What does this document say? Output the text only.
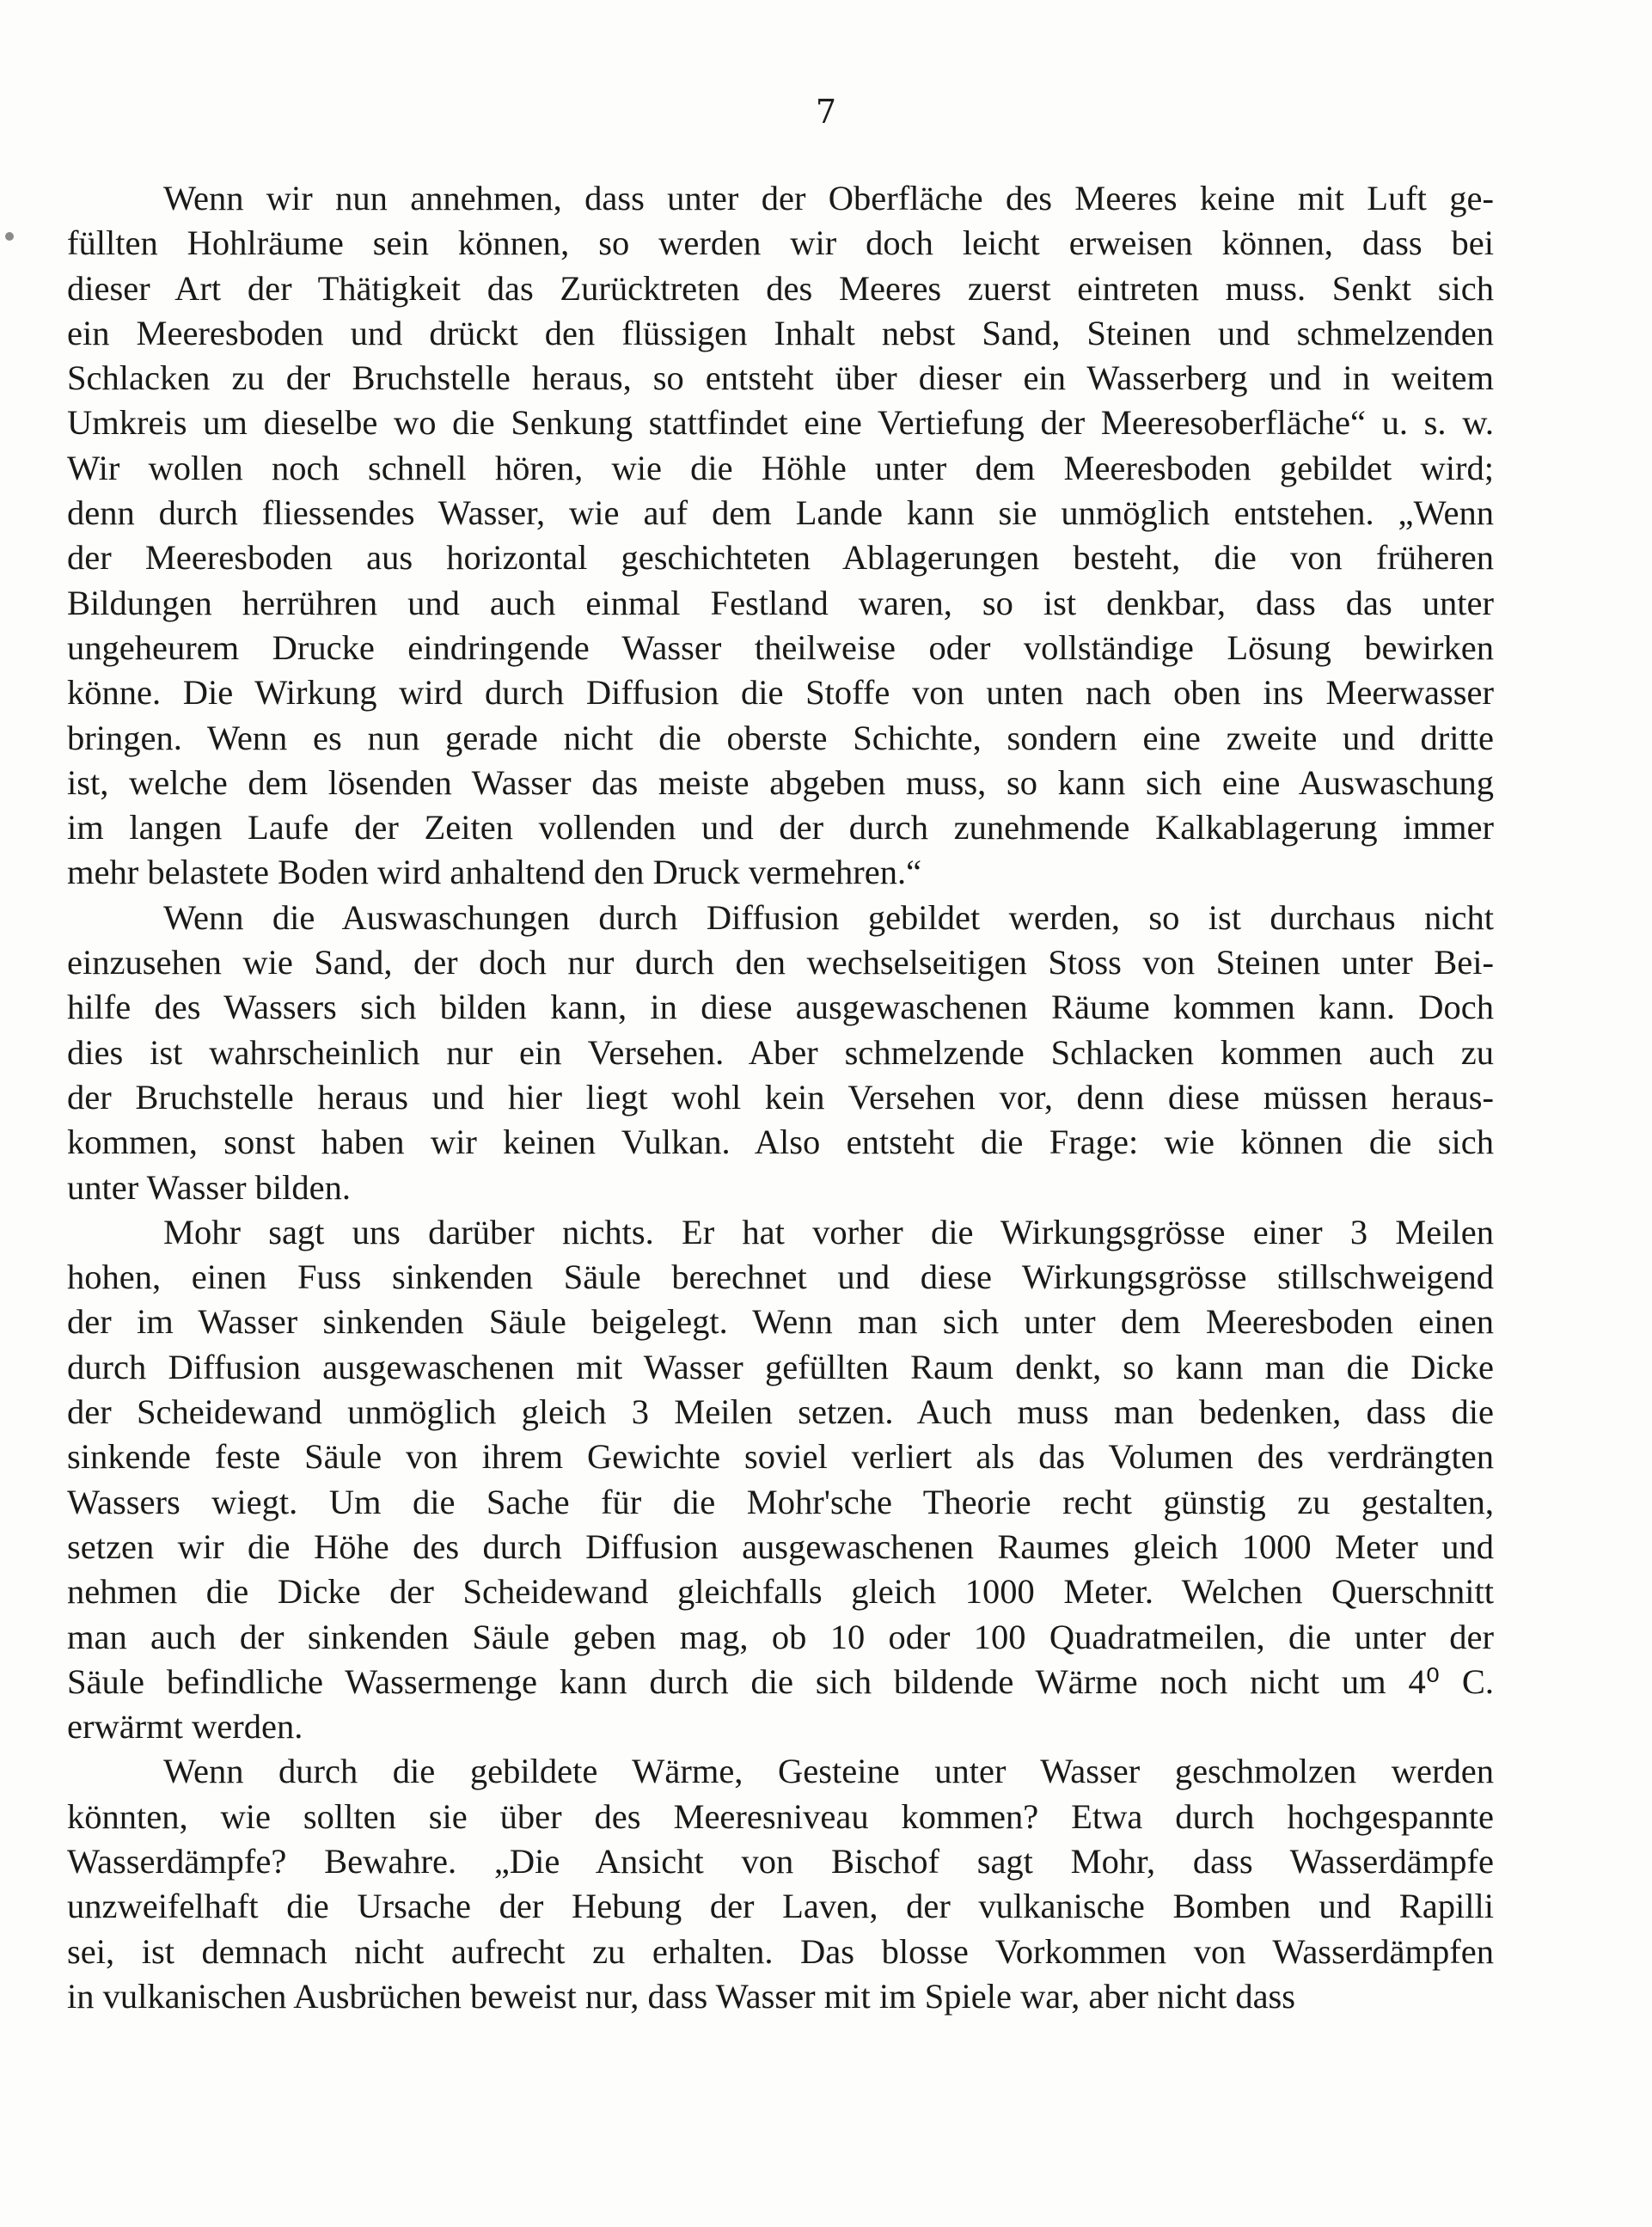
7
Wenn wir nun annehmen, dass unter der Oberfläche des Meeres keine mit Luft ge-
füllten Hohlräume sein können, so werden wir doch leicht erweisen können, dass bei
dieser Art der Thätigkeit das Zurücktreten des Meeres zuerst eintreten muss. Senkt sich
ein Meeresboden und drückt den flüssigen Inhalt nebst Sand, Steinen und schmelzenden
Schlacken zu der Bruchstelle heraus, so entsteht über dieser ein Wasserberg und in weitem
Umkreis um dieselbe wo die Senkung stattfindet eine Vertiefung der Meeresoberfläche“ u. s. w.
Wir wollen noch schnell hören, wie die Höhle unter dem Meeresboden gebildet wird;
denn durch fliessendes Wasser, wie auf dem Lande kann sie unmöglich entstehen. „Wenn
der Meeresboden aus horizontal geschichteten Ablagerungen besteht, die von früheren
Bildungen herrühren und auch einmal Festland waren, so ist denkbar, dass das unter
ungeheurem Drucke eindringende Wasser theilweise oder vollständige Lösung bewirken
könne. Die Wirkung wird durch Diffusion die Stoffe von unten nach oben ins Meerwasser
bringen. Wenn es nun gerade nicht die oberste Schichte, sondern eine zweite und dritte
ist, welche dem lösenden Wasser das meiste abgeben muss, so kann sich eine Auswaschung
im langen Laufe der Zeiten vollenden und der durch zunehmende Kalkablagerung immer
mehr belastete Boden wird anhaltend den Druck vermehren.“
Wenn die Auswaschungen durch Diffusion gebildet werden, so ist durchaus nicht
einzusehen wie Sand, der doch nur durch den wechselseitigen Stoss von Steinen unter Bei-
hilfe des Wassers sich bilden kann, in diese ausgewaschenen Räume kommen kann. Doch
dies ist wahrscheinlich nur ein Versehen. Aber schmelzende Schlacken kommen auch zu
der Bruchstelle heraus und hier liegt wohl kein Versehen vor, denn diese müssen heraus-
kommen, sonst haben wir keinen Vulkan. Also entsteht die Frage: wie können die sich
unter Wasser bilden.
Mohr sagt uns darüber nichts. Er hat vorher die Wirkungsgrösse einer 3 Meilen
hohen, einen Fuss sinkenden Säule berechnet und diese Wirkungsgrösse stillschweigend
der im Wasser sinkenden Säule beigelegt. Wenn man sich unter dem Meeresboden einen
durch Diffusion ausgewaschenen mit Wasser gefüllten Raum denkt, so kann man die Dicke
der Scheidewand unmöglich gleich 3 Meilen setzen. Auch muss man bedenken, dass die
sinkende feste Säule von ihrem Gewichte soviel verliert als das Volumen des verdrängten
Wassers wiegt. Um die Sache für die Mohr'sche Theorie recht günstig zu gestalten,
setzen wir die Höhe des durch Diffusion ausgewaschenen Raumes gleich 1000 Meter und
nehmen die Dicke der Scheidewand gleichfalls gleich 1000 Meter. Welchen Querschnitt
man auch der sinkenden Säule geben mag, ob 10 oder 100 Quadratmeilen, die unter der
Säule befindliche Wassermenge kann durch die sich bildende Wärme noch nicht um 4⁰ C.
erwärmt werden.
Wenn durch die gebildete Wärme, Gesteine unter Wasser geschmolzen werden
könnten, wie sollten sie über des Meeresniveau kommen? Etwa durch hochgespannte
Wasserdämpfe? Bewahre. „Die Ansicht von Bischof sagt Mohr, dass Wasserdämpfe
unzweifelhaft die Ursache der Hebung der Laven, der vulkanische Bomben und Rapilli
sei, ist demnach nicht aufrecht zu erhalten. Das blosse Vorkommen von Wasserdämpfen
in vulkanischen Ausbrüchen beweist nur, dass Wasser mit im Spiele war, aber nicht dass
